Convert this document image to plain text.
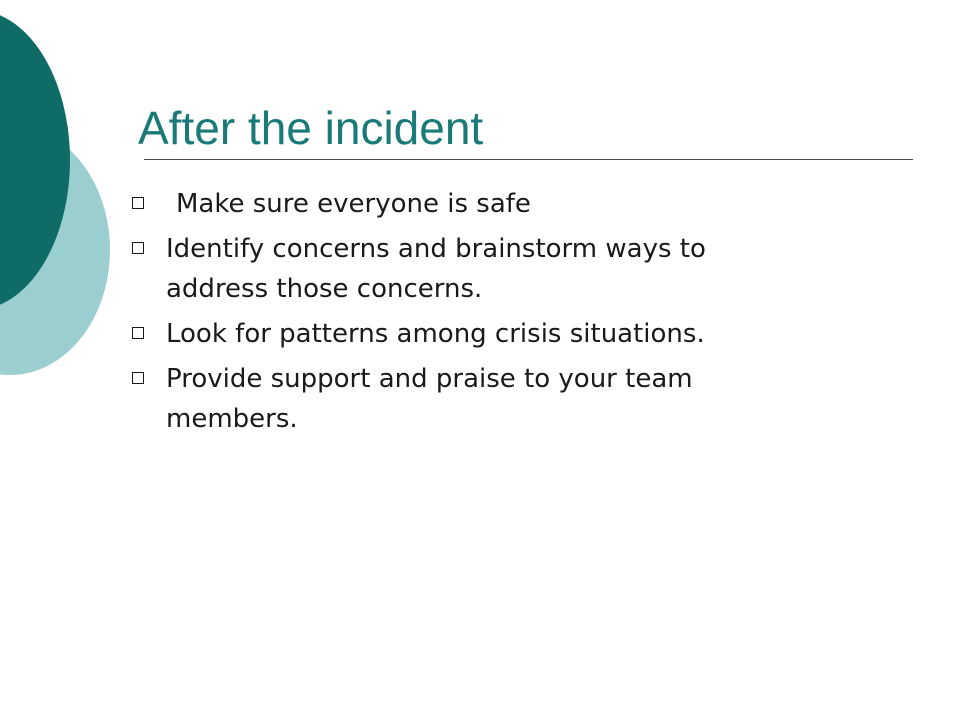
After the incident
Make sure everyone is safe
Identify concerns and brainstorm ways to address those concerns.
Look for patterns among crisis situations.
Provide support and praise to your team members.
